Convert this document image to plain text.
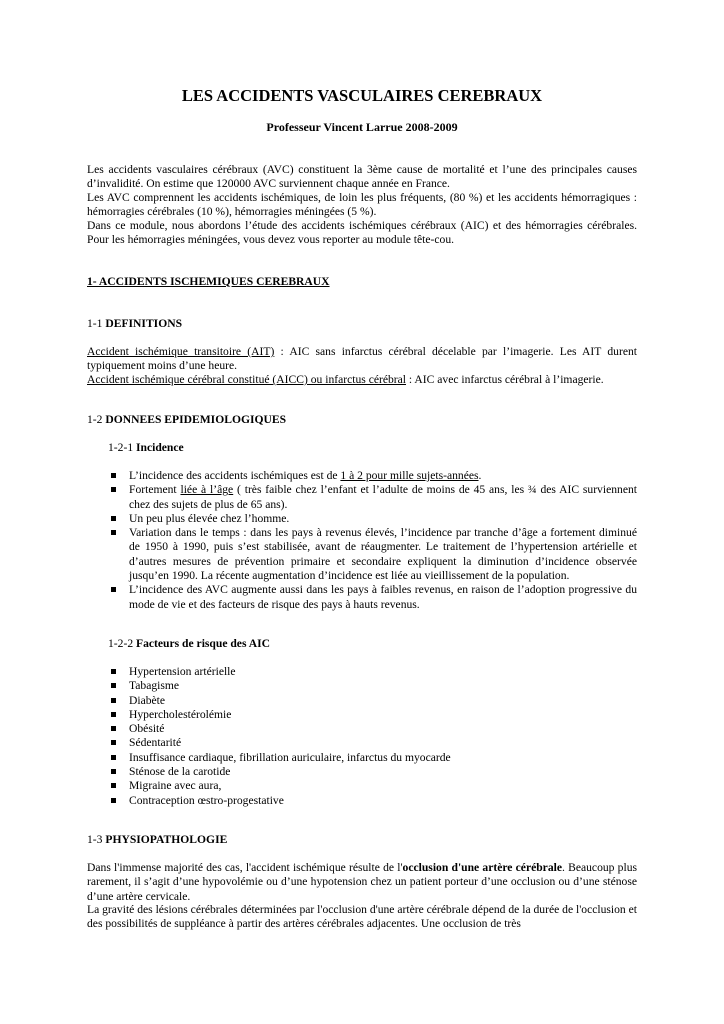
LES ACCIDENTS VASCULAIRES CEREBRAUX
Professeur Vincent Larrue 2008-2009

Les accidents vasculaires cérébraux (AVC) constituent la 3ème cause de mortalité et l’une des principales causes d’invalidité. On estime que 120000 AVC surviennent chaque année en France.

Les AVC comprennent les accidents ischémiques, de loin les plus fréquents, (80 %) et les accidents hémorragiques : hémorragies cérébrales (10 %), hémorragies méningées (5 %).

Dans ce module, nous abordons l’étude des accidents ischémiques cérébraux (AIC) et des hémorragies cérébrales. Pour les hémorragies méningées, vous devez vous reporter au module tête-cou.

1- ACCIDENTS ISCHEMIQUES CEREBRAUX

1-1 DEFINITIONS

Accident ischémique transitoire (AIT) : AIC sans infarctus cérébral décelable par l’imagerie. Les AIT durent typiquement moins d’une heure.

Accident ischémique cérébral constitué (AICC) ou infarctus cérébral : AIC avec infarctus cérébral à l’imagerie.

1-2 DONNEES EPIDEMIOLOGIQUES

1-2-1 Incidence

L’incidence des accidents ischémiques est de 1 à 2 pour mille sujets-années.
Fortement liée à l’âge ( très faible chez l’enfant et l’adulte de moins de 45 ans, les ¾ des AIC surviennent chez des sujets de plus de 65 ans).
Un peu plus élevée chez l’homme.
Variation dans le temps : dans les pays à revenus élevés, l’incidence par tranche d’âge a fortement diminué de 1950 à 1990, puis s’est stabilisée, avant de réaugmenter. Le traitement de l’hypertension artérielle et d’autres mesures de prévention primaire et secondaire expliquent la diminution d’incidence observée jusqu’en 1990. La récente augmentation d’incidence est liée au vieillissement de la population.
L’incidence des AVC augmente aussi dans les pays à faibles revenus, en raison de l’adoption progressive du mode de vie et des facteurs de risque des pays à hauts revenus.

1-2-2 Facteurs de risque des AIC

Hypertension artérielle
Tabagisme
Diabète
Hypercholestérolémie
Obésité
Sédentarité
Insuffisance cardiaque, fibrillation auriculaire, infarctus du myocarde
Sténose de la carotide
Migraine avec aura,
Contraception œstro-progestative

1-3 PHYSIOPATHOLOGIE

Dans l'immense majorité des cas, l'accident ischémique résulte de l'occlusion d'une artère cérébrale. Beaucoup plus rarement, il s’agit d’une hypovolémie ou d’une hypotension chez un patient porteur d’une occlusion ou d’une sténose d’une artère cervicale.

La gravité des lésions cérébrales déterminées par l'occlusion d'une artère cérébrale dépend de la durée de l'occlusion et des possibilités de suppléance à partir des artères cérébrales adjacentes. Une occlusion de très
